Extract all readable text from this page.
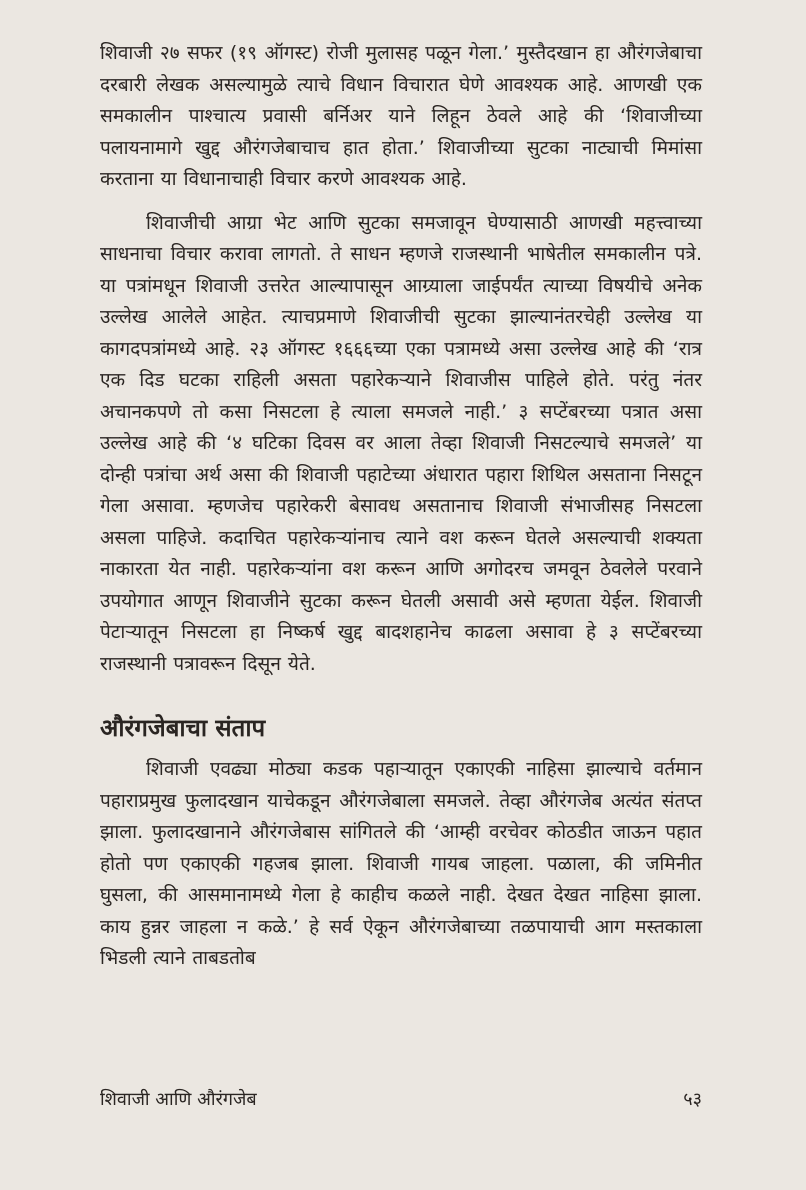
शिवाजी २७ सफर (१९ ऑगस्ट) रोजी मुलासह पळून गेला.’ मुस्तैदखान हा औरंगजेबाचा दरबारी लेखक असल्यामुळे त्याचे विधान विचारात घेणे आवश्यक आहे. आणखी एक समकालीन पाश्चात्य प्रवासी बर्निअर याने लिहून ठेवले आहे की ‘शिवाजीच्या पलायनामागे खुद्द औरंगजेबाचाच हात होता.’ शिवाजीच्या सुटका नाट्याची मिमांसा करताना या विधानाचाही विचार करणे आवश्यक आहे.

शिवाजीची आग्रा भेट आणि सुटका समजावून घेण्यासाठी आणखी महत्त्वाच्या साधनाचा विचार करावा लागतो. ते साधन म्हणजे राजस्थानी भाषेतील समकालीन पत्रे. या पत्रांमधून शिवाजी उत्तरेत आल्यापासून आग्र्याला जाईपर्यंत त्याच्या विषयीचे अनेक उल्लेख आलेले आहेत. त्याचप्रमाणे शिवाजीची सुटका झाल्यानंतरचेही उल्लेख या कागदपत्रांमध्ये आहे. २३ ऑगस्ट १६६६च्या एका पत्रामध्ये असा उल्लेख आहे की ‘रात्र एक दिड घटका राहिली असता पहारेकऱ्याने शिवाजीस पाहिले होते. परंतु नंतर अचानकपणे तो कसा निसटला हे त्याला समजले नाही.’ ३ सप्टेंबरच्या पत्रात असा उल्लेख आहे की ‘४ घटिका दिवस वर आला तेव्हा शिवाजी निसटल्याचे समजले’ या दोन्ही पत्रांचा अर्थ असा की शिवाजी पहाटेच्या अंधारात पहारा शिथिल असताना निसटून गेला असावा. म्हणजेच पहारेकरी बेसावध असतानाच शिवाजी संभाजीसह निसटला असला पाहिजे. कदाचित पहारेकऱ्यांनाच त्याने वश करून घेतले असल्याची शक्यता नाकारता येत नाही. पहारेकऱ्यांना वश करून आणि अगोदरच जमवून ठेवलेले परवाने उपयोगात आणून शिवाजीने सुटका करून घेतली असावी असे म्हणता येईल. शिवाजी पेटाऱ्यातून निसटला हा निष्कर्ष खुद्द बादशहानेच काढला असावा हे ३ सप्टेंबरच्या राजस्थानी पत्रावरून दिसून येते.

औरंगजेबाचा संताप

शिवाजी एवढ्या मोठ्या कडक पहाऱ्यातून एकाएकी नाहिसा झाल्याचे वर्तमान पहाराप्रमुख फुलादखान याचेकडून औरंगजेबाला समजले. तेव्हा औरंगजेब अत्यंत संतप्त झाला. फुलादखानाने औरंगजेबास सांगितले की ‘आम्ही वरचेवर कोठडीत जाऊन पहात होतो पण एकाएकी गहजब झाला. शिवाजी गायब जाहला. पळाला, की जमिनीत घुसला, की आसमानामध्ये गेला हे काहीच कळले नाही. देखत देखत नाहिसा झाला. काय हुन्नर जाहला न कळे.’ हे सर्व ऐकून औरंगजेबाच्या तळपायाची आग मस्तकाला भिडली त्याने ताबडतोब

शिवाजी आणि औरंगजेब	५३
